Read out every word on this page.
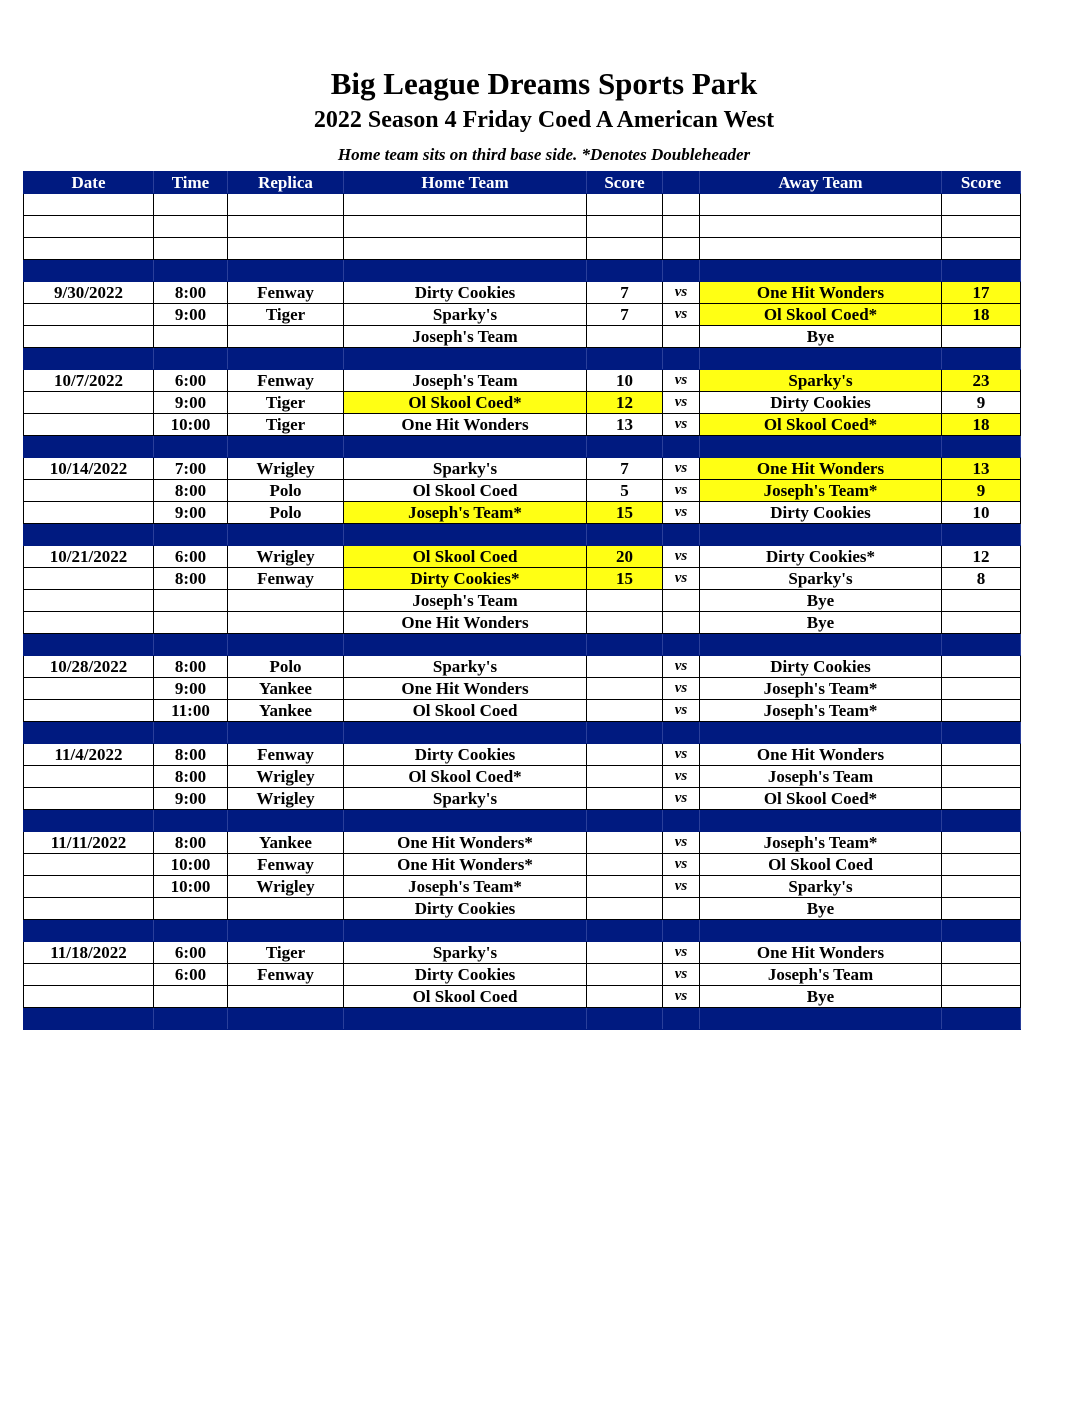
Big League Dreams Sports Park
2022 Season 4 Friday Coed A American West
Home team sits on third base side. *Denotes Doubleheader
Date	Time	Replica	Home Team	Score		Away Team	Score

9/30/2022	8:00	Fenway	Dirty Cookies	7	vs	One Hit Wonders	17
	9:00	Tiger	Sparky's	7	vs	Ol Skool Coed*	18
			Joseph's Team			Bye	

10/7/2022	6:00	Fenway	Joseph's Team	10	vs	Sparky's	23
	9:00	Tiger	Ol Skool Coed*	12	vs	Dirty Cookies	9
	10:00	Tiger	One Hit Wonders	13	vs	Ol Skool Coed*	18

10/14/2022	7:00	Wrigley	Sparky's	7	vs	One Hit Wonders	13
	8:00	Polo	Ol Skool Coed	5	vs	Joseph's Team*	9
	9:00	Polo	Joseph's Team*	15	vs	Dirty Cookies	10

10/21/2022	6:00	Wrigley	Ol Skool Coed	20	vs	Dirty Cookies*	12
	8:00	Fenway	Dirty Cookies*	15	vs	Sparky's	8
			Joseph's Team			Bye	
			One Hit Wonders			Bye	

10/28/2022	8:00	Polo	Sparky's		vs	Dirty Cookies	
	9:00	Yankee	One Hit Wonders		vs	Joseph's Team*	
	11:00	Yankee	Ol Skool Coed		vs	Joseph's Team*	

11/4/2022	8:00	Fenway	Dirty Cookies		vs	One Hit Wonders	
	8:00	Wrigley	Ol Skool Coed*		vs	Joseph's Team	
	9:00	Wrigley	Sparky's		vs	Ol Skool Coed*	

11/11/2022	8:00	Yankee	One Hit Wonders*		vs	Joseph's Team*	
	10:00	Fenway	One Hit Wonders*		vs	Ol Skool Coed	
	10:00	Wrigley	Joseph's Team*		vs	Sparky's	
			Dirty Cookies			Bye	

11/18/2022	6:00	Tiger	Sparky's		vs	One Hit Wonders	
	6:00	Fenway	Dirty Cookies		vs	Joseph's Team	
			Ol Skool Coed		vs	Bye	
